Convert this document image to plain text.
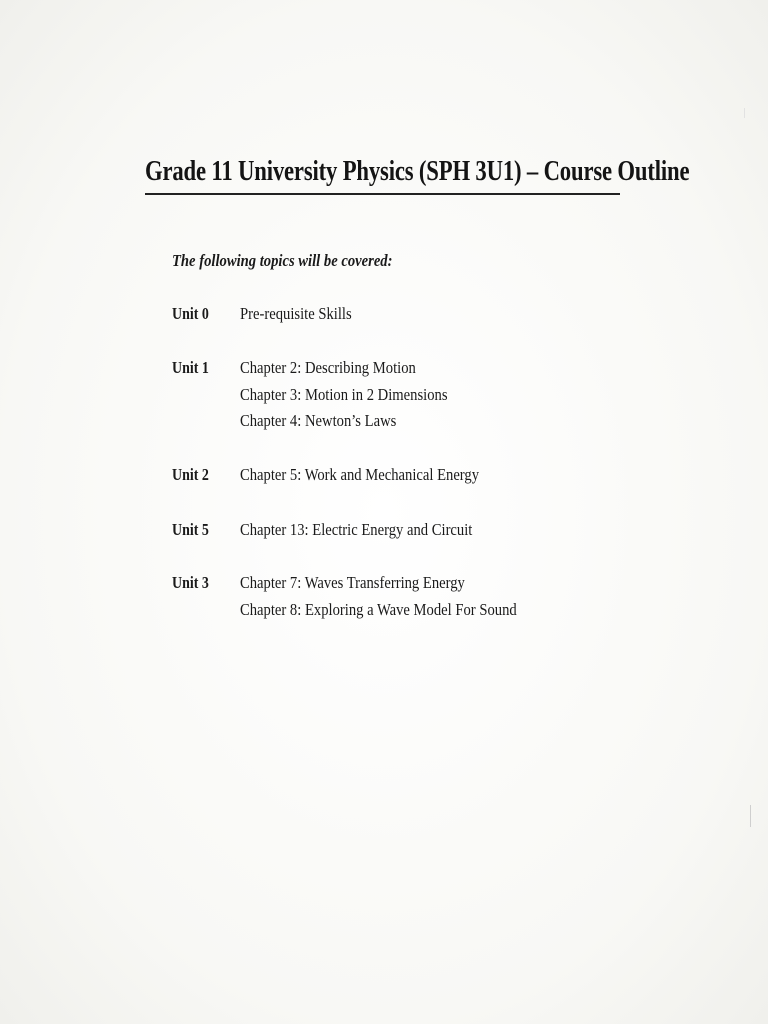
Grade 11 University Physics (SPH 3U1) – Course Outline

The following topics will be covered:

Unit 0 Pre-requisite Skills
Unit 1 Chapter 2: Describing Motion
Chapter 3: Motion in 2 Dimensions
Chapter 4: Newton’s Laws
Unit 2 Chapter 5: Work and Mechanical Energy
Unit 5 Chapter 13: Electric Energy and Circuit
Unit 3 Chapter 7: Waves Transferring Energy
Chapter 8: Exploring a Wave Model For Sound
